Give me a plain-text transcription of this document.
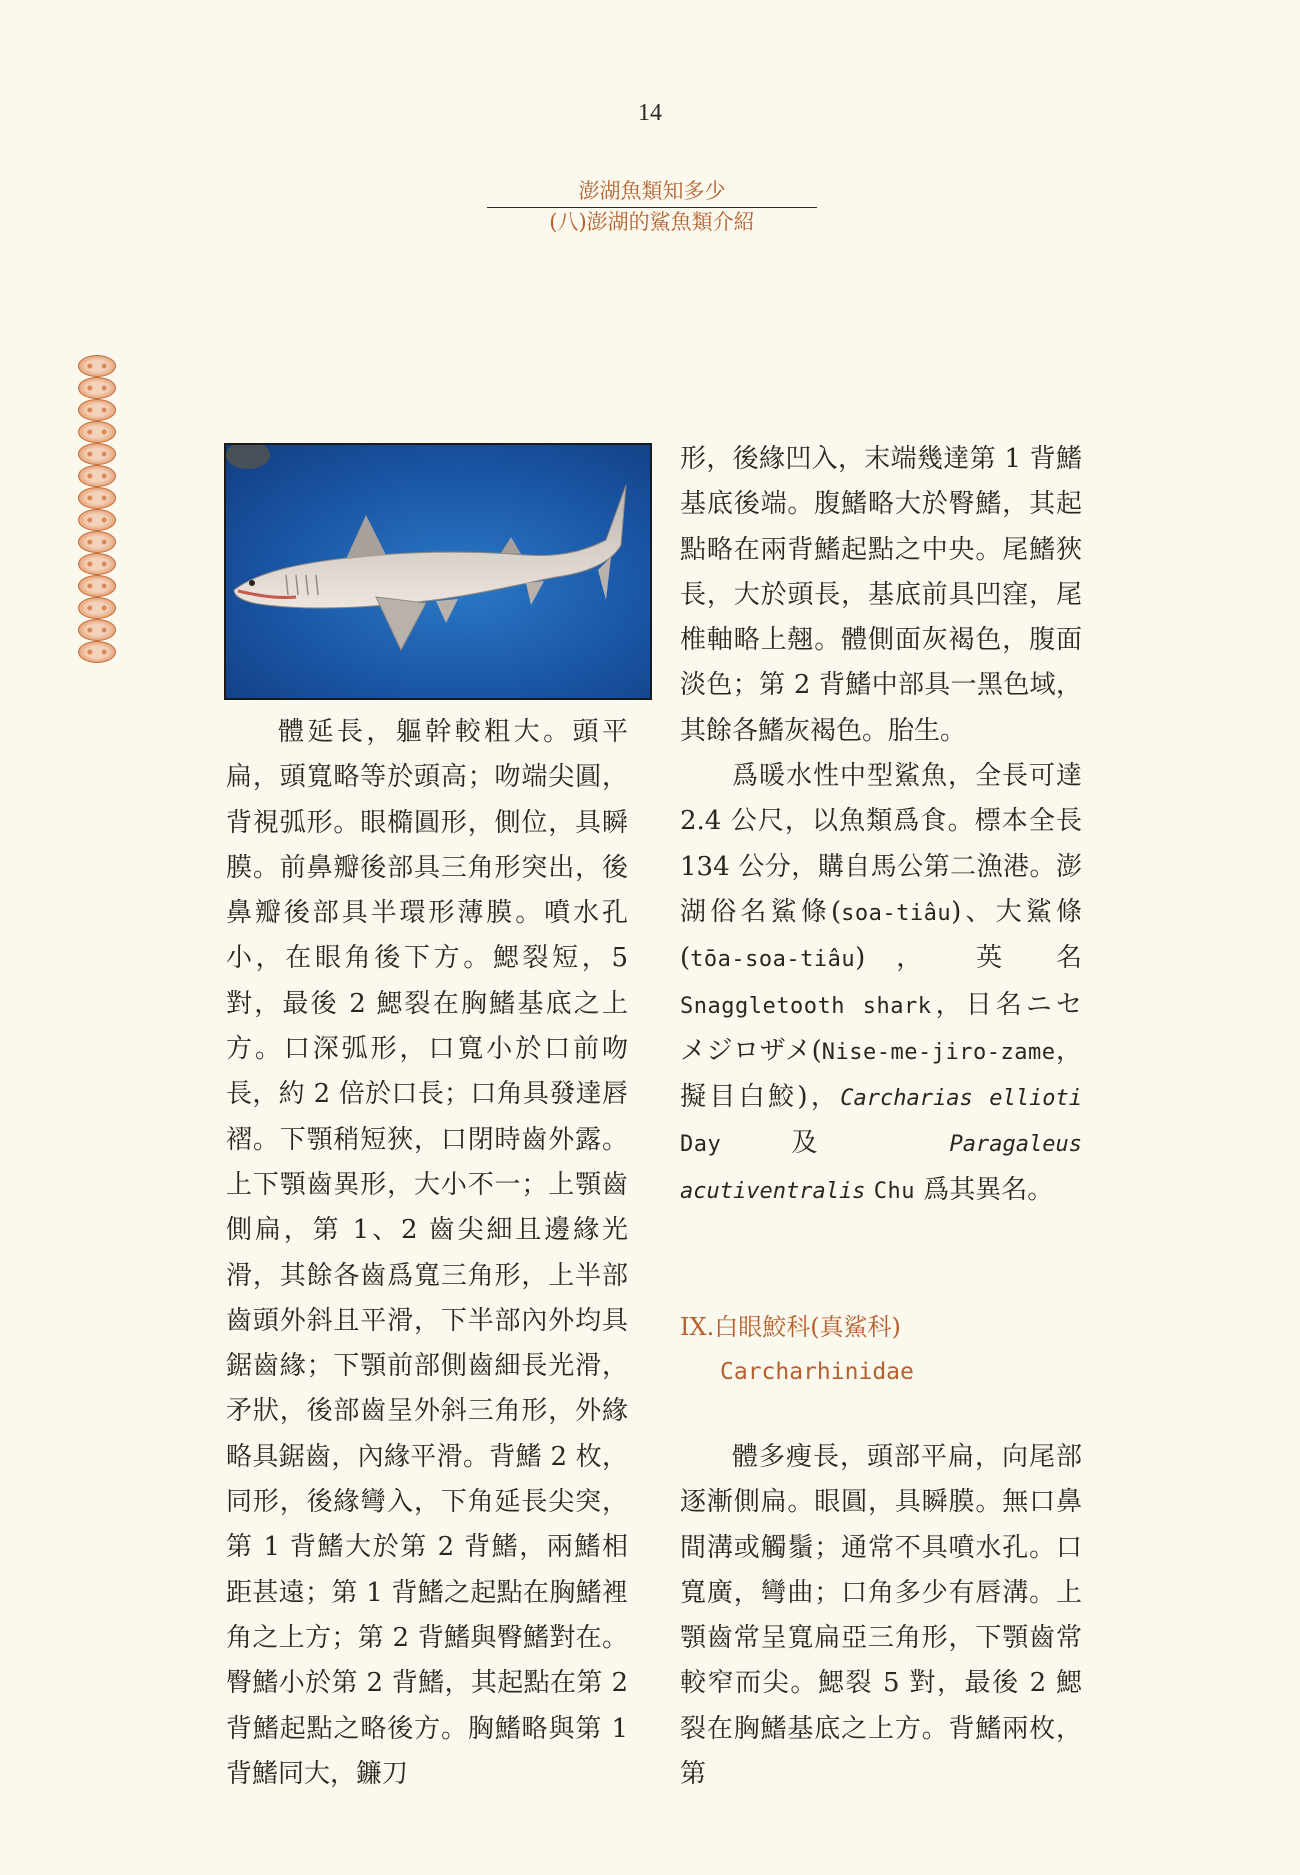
14
澎湖魚類知多少
(八)澎湖的鯊魚類介紹

體延長，軀幹較粗大。頭平扁，頭寬略等於頭高；吻端尖圓，背視弧形。眼橢圓形，側位，具瞬膜。前鼻瓣後部具三角形突出，後鼻瓣後部具半環形薄膜。噴水孔小，在眼角後下方。鰓裂短，5 對，最後 2 鰓裂在胸鰭基底之上方。口深弧形，口寬小於口前吻長，約 2 倍於口長；口角具發達唇褶。下顎稍短狹，口閉時齒外露。上下顎齒異形，大小不一；上顎齒側扁，第 1、2 齒尖細且邊緣光滑，其餘各齒爲寬三角形，上半部齒頭外斜且平滑，下半部內外均具鋸齒緣；下顎前部側齒細長光滑，矛狀，後部齒呈外斜三角形，外緣略具鋸齒，內緣平滑。背鰭 2 枚，同形，後緣彎入，下角延長尖突，第 1 背鰭大於第 2 背鰭，兩鰭相距甚遠；第 1 背鰭之起點在胸鰭裡角之上方；第 2 背鰭與臀鰭對在。臀鰭小於第 2 背鰭，其起點在第 2 背鰭起點之略後方。胸鰭略與第 1 背鰭同大，鐮刀

形，後緣凹入，末端幾達第 1 背鰭基底後端。腹鰭略大於臀鰭，其起點略在兩背鰭起點之中央。尾鰭狹長，大於頭長，基底前具凹窪，尾椎軸略上翹。體側面灰褐色，腹面淡色；第 2 背鰭中部具一黑色域，其餘各鰭灰褐色。胎生。

爲暖水性中型鯊魚，全長可達 2.4 公尺，以魚類爲食。標本全長 134 公分，購自馬公第二漁港。澎湖俗名鯊條(soa-tiâu)、大鯊條(tōa-soa-tiâu) ， 英 名 Snaggletooth shark，日名ニセメジロザメ(Nise-me-jiro-zame，擬目白鮫)，Carcharias ellioti Day 及 Paragaleus acutiventralis Chu 爲其異名。

IX.白眼鮫科(真鯊科)
Carcharhinidae

體多瘦長，頭部平扁，向尾部逐漸側扁。眼圓，具瞬膜。無口鼻間溝或觸鬚；通常不具噴水孔。口寬廣，彎曲；口角多少有唇溝。上顎齒常呈寬扁亞三角形，下顎齒常較窄而尖。鰓裂 5 對，最後 2 鰓裂在胸鰭基底之上方。背鰭兩枚，第
